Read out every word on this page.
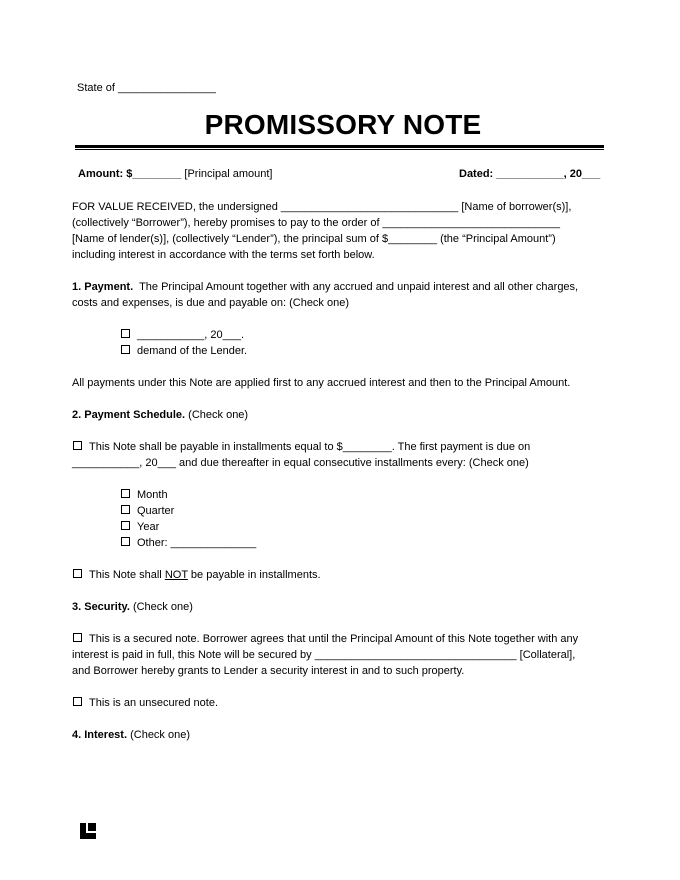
State of ________________
PROMISSORY NOTE
Amount: $________ [Principal amount]	Dated: ___________, 20___
FOR VALUE RECEIVED, the undersigned _____________________________ [Name of borrower(s)],
(collectively “Borrower”), hereby promises to pay to the order of _____________________________
[Name of lender(s)], (collectively “Lender”), the principal sum of $________ (the “Principal Amount”)
including interest in accordance with the terms set forth below.
1. Payment. The Principal Amount together with any accrued and unpaid interest and all other charges,
costs and expenses, is due and payable on: (Check one)
___________, 20___.
demand of the Lender.
All payments under this Note are applied first to any accrued interest and then to the Principal Amount.
2. Payment Schedule. (Check one)
This Note shall be payable in installments equal to $________. The first payment is due on
___________, 20___ and due thereafter in equal consecutive installments every: (Check one)
Month
Quarter
Year
Other: ______________
This Note shall NOT be payable in installments.
3. Security. (Check one)
This is a secured note. Borrower agrees that until the Principal Amount of this Note together with any
interest is paid in full, this Note will be secured by _________________________________ [Collateral],
and Borrower hereby grants to Lender a security interest in and to such property.
This is an unsecured note.
4. Interest. (Check one)
